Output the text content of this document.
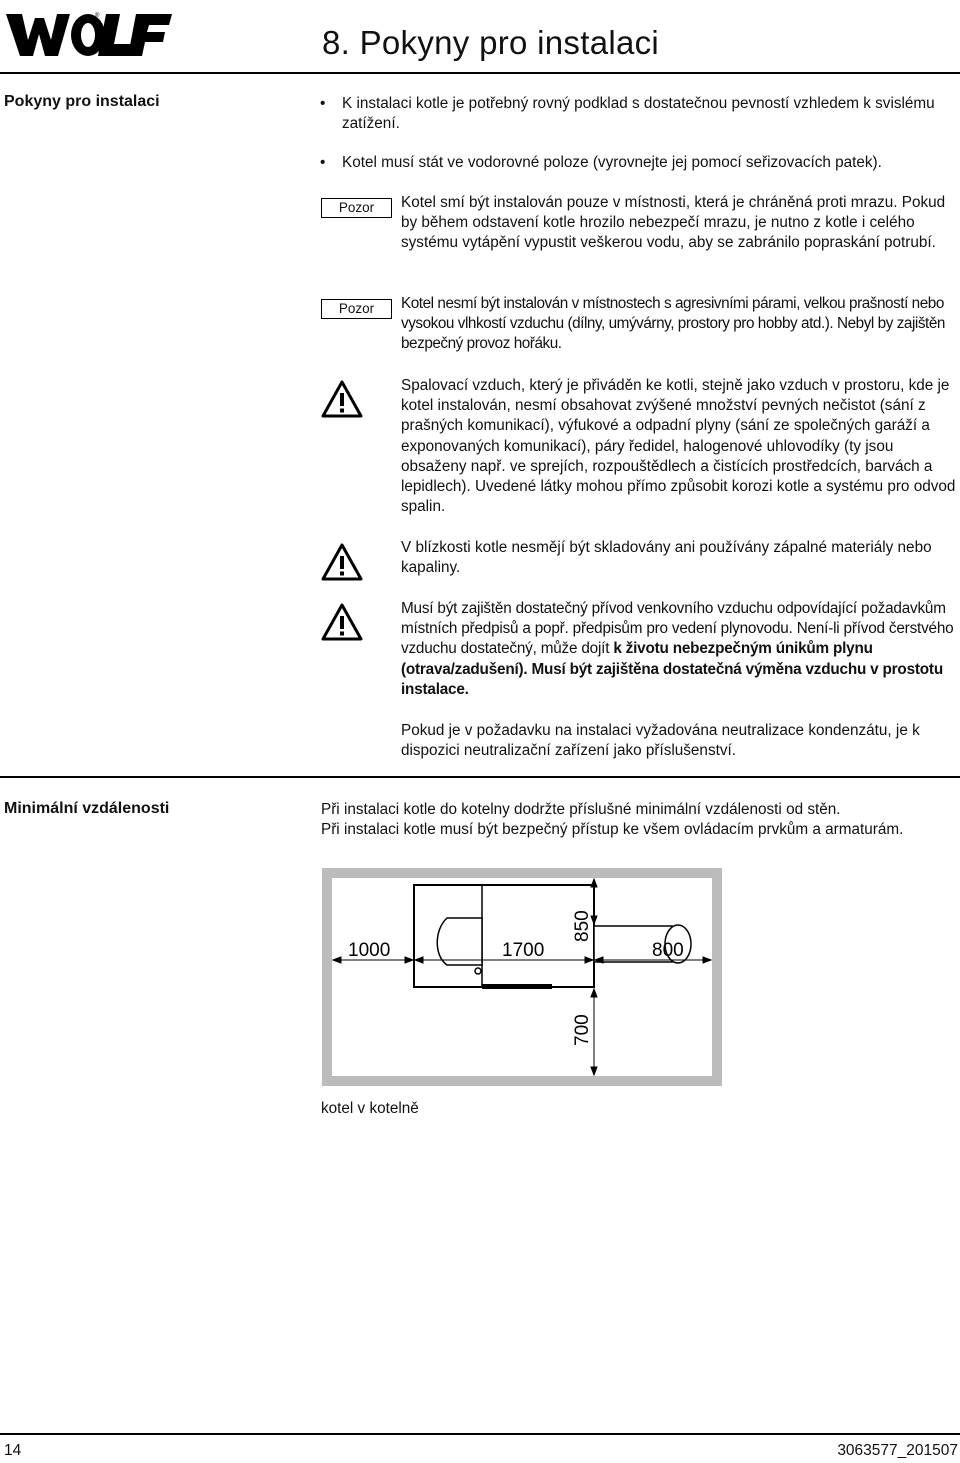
®
8. Pokyny pro instalaci
Pokyny pro instalaci	•	K instalaci kotle je potřebný rovný podklad s dostatečnou pevností vzhledem k svislému zatížení.
•	Kotel musí stát ve vodorovné poloze (vyrovnejte jej pomocí seřizovacích patek).
Pozor	Kotel smí být instalován pouze v místnosti, která je chráněná proti mrazu. Pokud by během odstavení kotle hrozilo nebezpečí mrazu, je nutno z kotle i celého systému vytápění vypustit veškerou vodu, aby se zabránilo popraskání potrubí.

Pozor	Kotel nesmí být instalován v místnostech s agresivními párami, velkou prašností nebo vysokou vlhkostí vzduchu (dílny, umývárny, prostory pro hobby atd.). Nebyl by zajištěn bezpečný provoz hořáku.

Spalovací vzduch, který je přiváděn ke kotli, stejně jako vzduch v prostoru, kde je kotel instalován, nesmí obsahovat zvýšené množství pevných nečistot (sání z prašných komunikací), výfukové a odpadní plyny (sání ze společných garáží a exponovaných komunikací), páry ředidel, halogenové uhlovodíky (ty jsou obsaženy např. ve sprejích, rozpouštědlech a čistících prostředcích, barvách a lepidlech). Uvedené látky mohou přímo způsobit korozi kotle a systému pro odvod spalin.

V blízkosti kotle nesmějí být skladovány ani používány zápalné materiály nebo kapaliny.

Musí být zajištěn dostatečný přívod venkovního vzduchu odpovídající požadavkům místních předpisů a popř. předpisům pro vedení plynovodu. Není-li přívod čerstvého vzduchu dostatečný, může dojít k životu nebezpečným únikům plynu (otrava/zadušení). Musí být zajištěna dostatečná výměna vzduchu v prostotu instalace.

Pokud je v požadavku na instalaci vyžadována neutralizace kondenzátu, je k dispozici neutralizační zařízení jako příslušenství.

Minimální vzdálenosti	Při instalaci kotle do kotelny dodržte příslušné minimální vzdálenosti od stěn.

Při instalaci kotle musí být bezpečný přístup ke všem ovládacím prvkům a armaturám.

1000	1700	800
850
700
kotel v kotelně
14	3063577_201507
